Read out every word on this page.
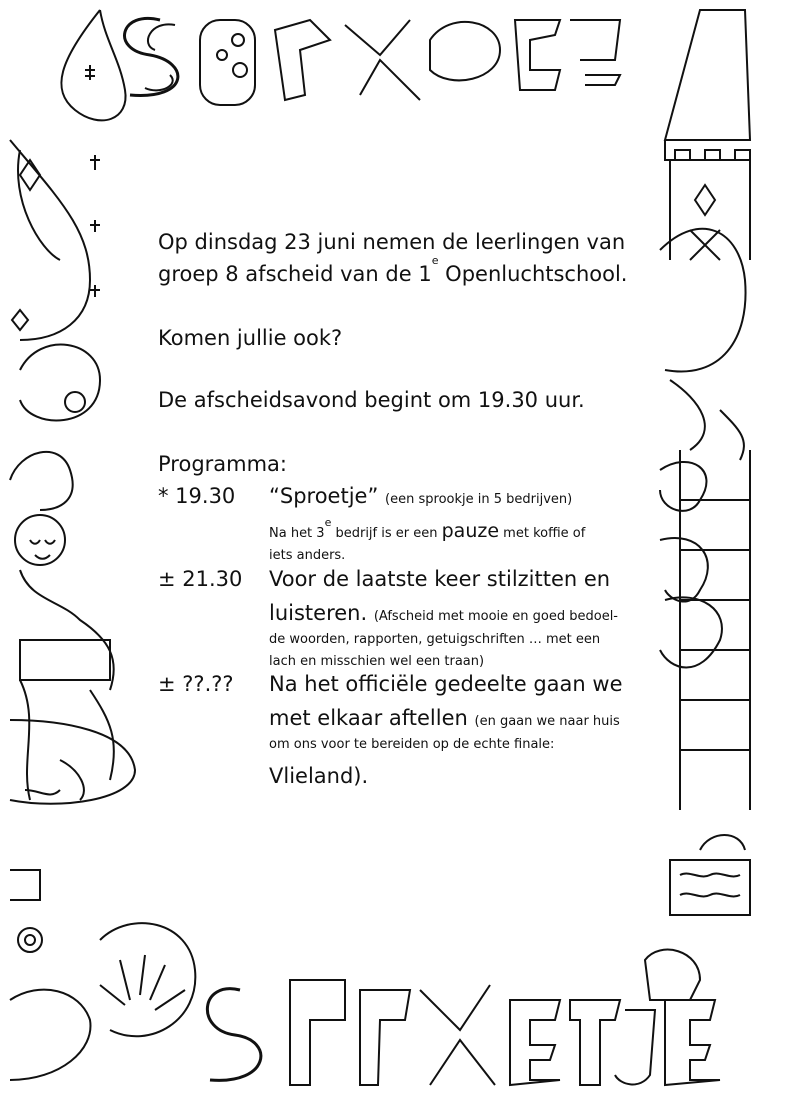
Op dinsdag 23 juni nemen de leerlingen van

groep 8 afscheid van de 1e Openluchtschool.

Komen jullie ook?

De afscheidsavond begint om 19.30 uur.

Programma:

* 19.30 “Sproetje” (een sprookje in 5 bedrijven)
Na het 3e bedrijf is er een pauze met koffie of
iets anders.
± 21.30 Voor de laatste keer stilzitten en
luisteren. (Afscheid met mooie en goed bedoel-
de woorden, rapporten, getuigschriften … met een
lach en misschien wel een traan)
± ??.?? Na het officiële gedeelte gaan we
met elkaar aftellen (en gaan we naar huis
om ons voor te bereiden op de echte finale:
Vlieland).
